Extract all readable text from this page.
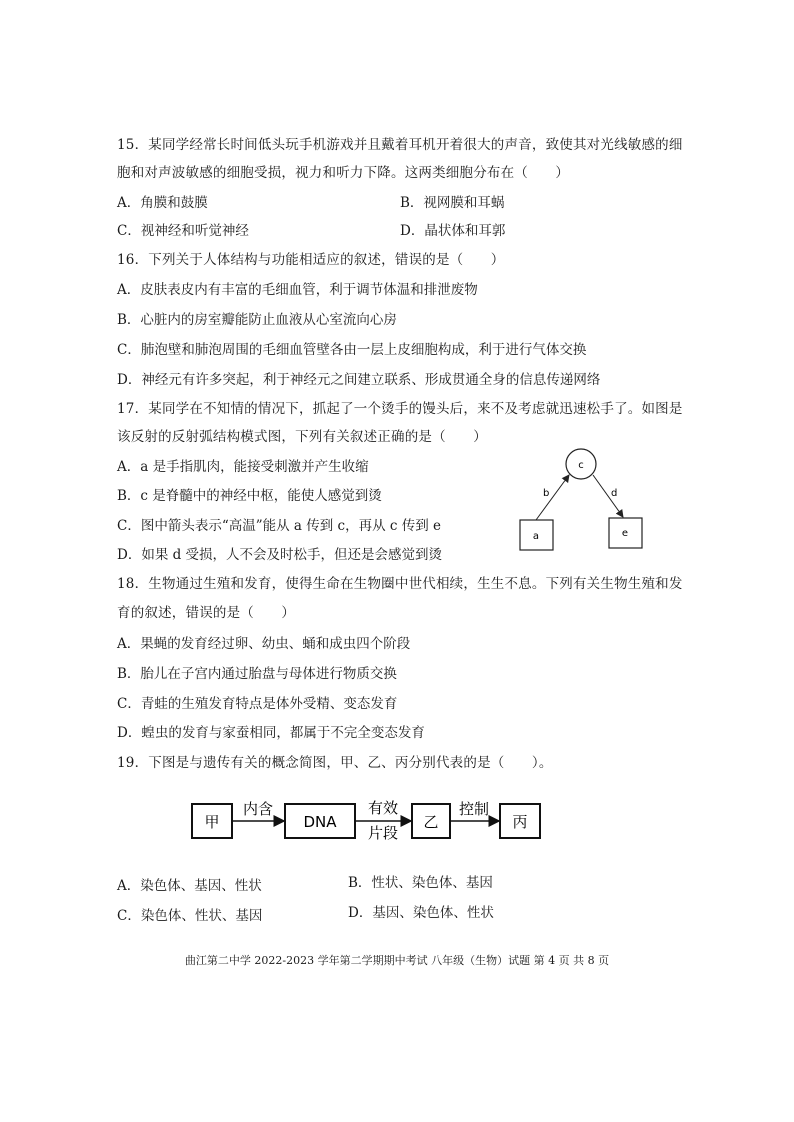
15．某同学经常长时间低头玩手机游戏并且戴着耳机开着很大的声音，致使其对光线敏感的细
胞和对声波敏感的细胞受损，视力和听力下降。这两类细胞分布在（　　）
A．角膜和鼓膜	B．视网膜和耳蜗
C．视神经和听觉神经	D．晶状体和耳郭
16．下列关于人体结构与功能相适应的叙述，错误的是（　　）
A．皮肤表皮内有丰富的毛细血管，利于调节体温和排泄废物
B．心脏内的房室瓣能防止血液从心室流向心房
C．肺泡壁和肺泡周围的毛细血管壁各由一层上皮细胞构成，利于进行气体交换
D．神经元有许多突起，利于神经元之间建立联系、形成贯通全身的信息传递网络
17．某同学在不知情的情况下，抓起了一个烫手的馒头后，来不及考虑就迅速松手了。如图是
该反射的反射弧结构模式图，下列有关叙述正确的是（　　）
A．a 是手指肌肉，能接受刺激并产生收缩
B．c 是脊髓中的神经中枢，能使人感觉到烫
C．图中箭头表示“高温”能从 a 传到 c，再从 c 传到 e
D．如果 d 受损，人不会及时松手，但还是会感觉到烫
c
a	e
b	d
18．生物通过生殖和发育，使得生命在生物圈中世代相续，生生不息。下列有关生物生殖和发
育的叙述，错误的是（　　）
A．果蝇的发育经过卵、幼虫、蛹和成虫四个阶段
B．胎儿在子宫内通过胎盘与母体进行物质交换
C．青蛙的生殖发育特点是体外受精、变态发育
D．蝗虫的发育与家蚕相同，都属于不完全变态发育
19．下图是与遗传有关的概念简图，甲、乙、丙分别代表的是（　　）。
甲
内含
DNA
有效
片段
乙
控制
丙
A．染色体、基因、性状	B．性状、染色体、基因
C．染色体、性状、基因	D．基因、染色体、性状
曲江第二中学 2022-2023 学年第二学期期中考试 八年级（生物）试题 第 4 页 共 8 页
